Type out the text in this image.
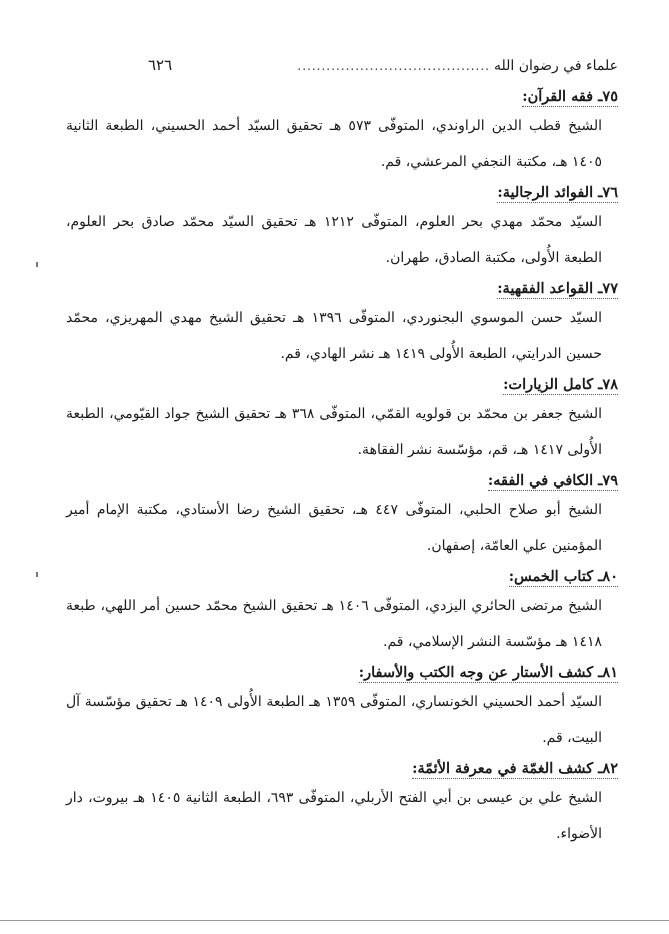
علماء في رضوان الله
........................................
٦٢٦
٧٥ـ فقه القرآن:
الشيخ قطب الدين الراوندي، المتوفّى ٥٧٣ هـ تحقيق السيّد أحمد الحسيني، الطبعة الثانية ١٤٠٥ هـ، مكتبة النجفي المرعشي، قم.
٧٦ـ الفوائد الرجالية:
السيّد محمّد مهدي بحر العلوم، المتوفّى ١٢١٢ هـ تحقيق السيّد محمّد صادق بحر العلوم، الطبعة الأُولى، مكتبة الصادق، طهران.
٧٧ـ القواعد الفقهية:
السيّد حسن الموسوي البجنوردي، المتوفّى ١٣٩٦ هـ تحقيق الشيخ مهدي المهريزي، محمّد حسين الدرايتي، الطبعة الأُولى ١٤١٩ هـ نشر الهادي، قم.
٧٨ـ كامل الزيارات:
الشيخ جعفر بن محمّد بن قولويه القمّي، المتوفّى ٣٦٨ هـ تحقيق الشيخ جواد القيّومي، الطبعة الأُولى ١٤١٧ هـ، قم، مؤسّسة نشر الفقاهة.
٧٩ـ الكافي في الفقه:
الشيخ أبو صلاح الحلبي، المتوفّى ٤٤٧ هـ، تحقيق الشيخ رضا الأستادي، مكتبة الإمام أمير المؤمنين علي العامّة، إصفهان.
٨٠ـ كتاب الخمس:
الشيخ مرتضى الحائري اليزدي، المتوفّى ١٤٠٦ هـ تحقيق الشيخ محمّد حسين أمر اللهي، طبعة ١٤١٨ هـ مؤسّسة النشر الإسلامي، قم.
٨١ـ كشف الأستار عن وجه الكتب والأسفار:
السيّد أحمد الحسيني الخونساري، المتوفّى ١٣٥٩ هـ الطبعة الأُولى ١٤٠٩ هـ تحقيق مؤسّسة آل البيت، قم.
٨٢ـ كشف الغمّة في معرفة الأئمّة:
الشيخ علي بن عيسى بن أبي الفتح الأربلي، المتوفّى ٦٩٣، الطبعة الثانية ١٤٠٥ هـ بيروت، دار الأضواء.
